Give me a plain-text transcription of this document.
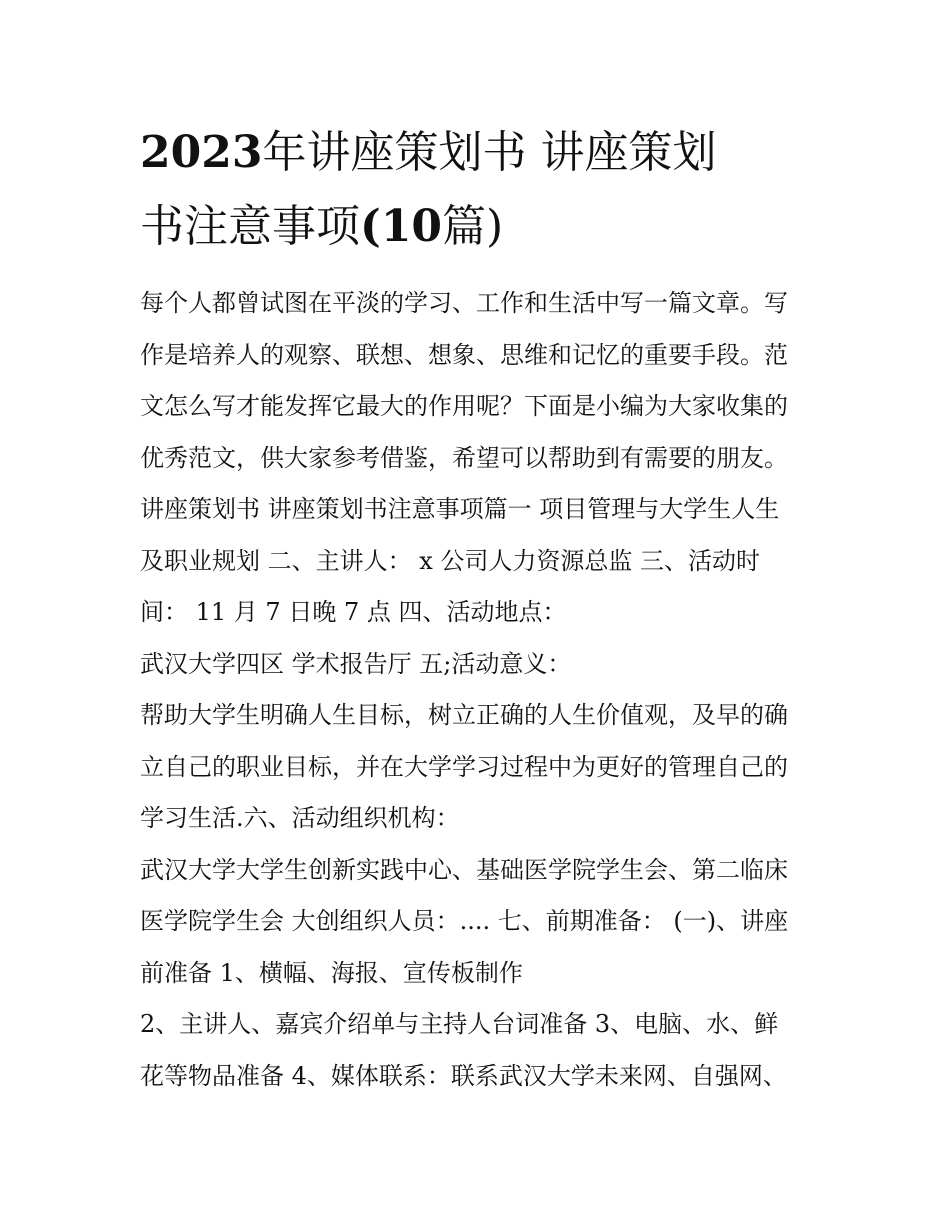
2023年讲座策划书 讲座策划
书注意事项(10篇)
每个人都曾试图在平淡的学习、工作和生活中写一篇文章。写
作是培养人的观察、联想、想象、思维和记忆的重要手段。范
文怎么写才能发挥它最大的作用呢？下面是小编为大家收集的
优秀范文，供大家参考借鉴，希望可以帮助到有需要的朋友。
讲座策划书 讲座策划书注意事项篇一 项目管理与大学生人生
及职业规划 二、主讲人： x 公司人力资源总监 三、活动时
间： 11 月 7 日晚 7 点 四、活动地点：
武汉大学四区 学术报告厅 五;活动意义：
帮助大学生明确人生目标，树立正确的人生价值观，及早的确
立自己的职业目标，并在大学学习过程中为更好的管理自己的
学习生活.六、活动组织机构：
武汉大学大学生创新实践中心、基础医学院学生会、第二临床
医学院学生会 大创组织人员：.... 七、前期准备： (一)、讲座
前准备 1、横幅、海报、宣传板制作
2、主讲人、嘉宾介绍单与主持人台词准备 3、电脑、水、鲜
花等物品准备 4、媒体联系：联系武汉大学未来网、自强网、
